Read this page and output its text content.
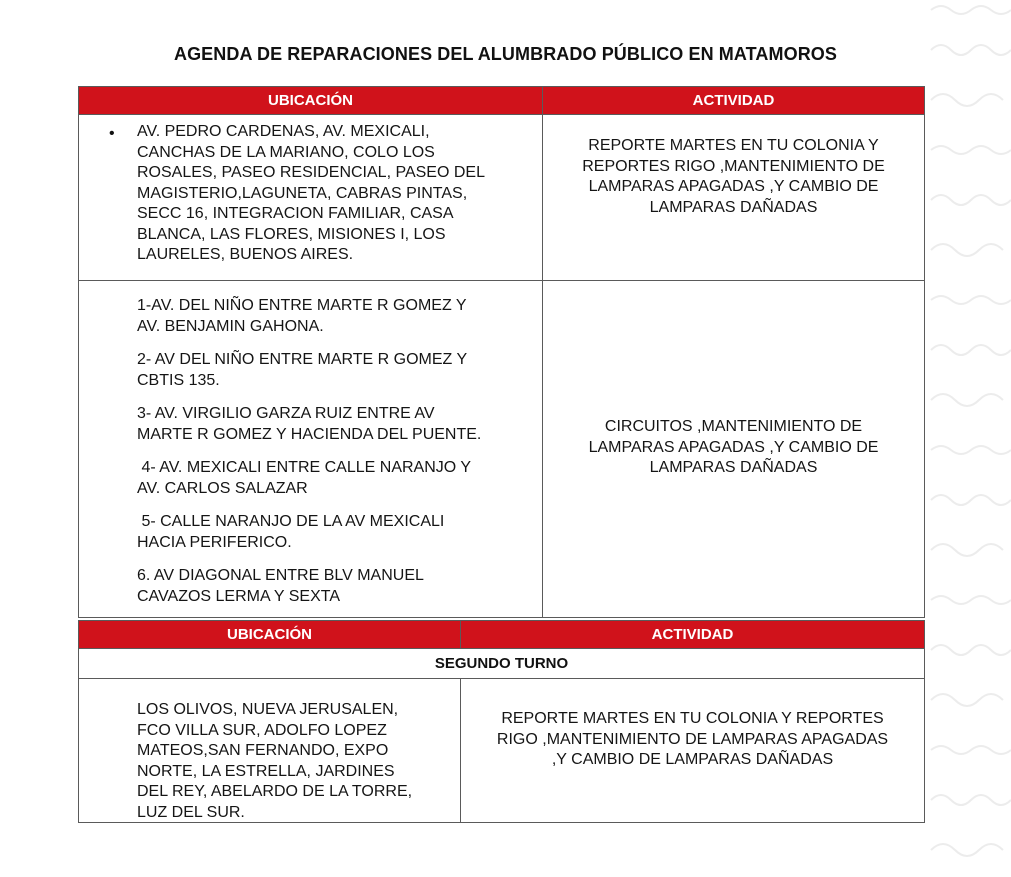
AGENDA DE REPARACIONES DEL ALUMBRADO PÚBLICO EN MATAMOROS
UBICACIÓN	ACTIVIDAD
• AV. PEDRO CARDENAS, AV. MEXICALI,
CANCHAS DE LA MARIANO, COLO LOS
ROSALES, PASEO RESIDENCIAL, PASEO DEL
MAGISTERIO,LAGUNETA, CABRAS PINTAS,
SECC 16, INTEGRACION FAMILIAR, CASA
BLANCA, LAS FLORES, MISIONES I, LOS
LAURELES, BUENOS AIRES.
REPORTE MARTES EN TU COLONIA Y
REPORTES RIGO ,MANTENIMIENTO DE
LAMPARAS APAGADAS ,Y CAMBIO DE
LAMPARAS DAÑADAS
1-AV. DEL NIÑO ENTRE MARTE R GOMEZ Y
AV. BENJAMIN GAHONA.
2- AV DEL NIÑO ENTRE MARTE R GOMEZ Y
CBTIS 135.
3- AV. VIRGILIO GARZA RUIZ ENTRE AV
MARTE R GOMEZ Y HACIENDA DEL PUENTE.
4- AV. MEXICALI ENTRE CALLE NARANJO Y
AV. CARLOS SALAZAR
5- CALLE NARANJO DE LA AV MEXICALI
HACIA PERIFERICO.
6. AV DIAGONAL ENTRE BLV MANUEL
CAVAZOS LERMA Y SEXTA
CIRCUITOS ,MANTENIMIENTO DE
LAMPARAS APAGADAS ,Y CAMBIO DE
LAMPARAS DAÑADAS
UBICACIÓN	ACTIVIDAD
SEGUNDO TURNO
LOS OLIVOS, NUEVA JERUSALEN,
FCO VILLA SUR, ADOLFO LOPEZ
MATEOS,SAN FERNANDO, EXPO
NORTE, LA ESTRELLA, JARDINES
DEL REY, ABELARDO DE LA TORRE,
LUZ DEL SUR.
REPORTE MARTES EN TU COLONIA Y REPORTES
RIGO ,MANTENIMIENTO DE LAMPARAS APAGADAS
,Y CAMBIO DE LAMPARAS DAÑADAS
